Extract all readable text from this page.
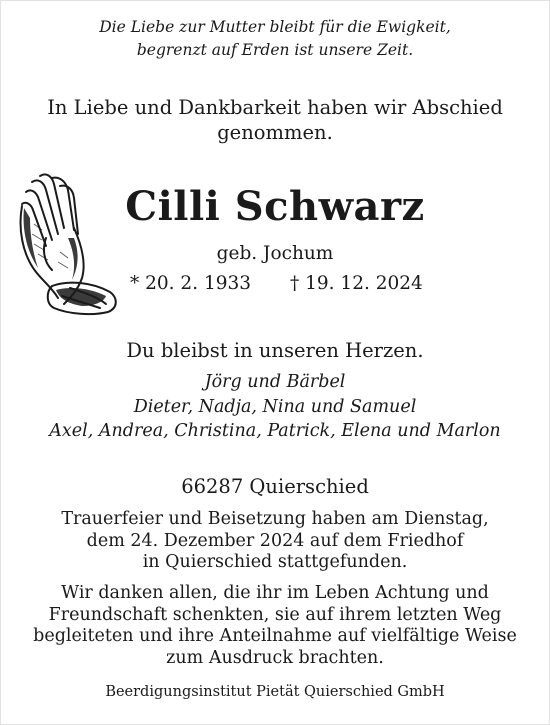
Die Liebe zur Mutter bleibt für die Ewigkeit,
begrenzt auf Erden ist unsere Zeit.
In Liebe und Dankbarkeit haben wir Abschied
genommen.
Cilli Schwarz
geb. Jochum
* 20. 2. 1933 † 19. 12. 2024
Du bleibst in unseren Herzen.
Jörg und Bärbel
Dieter, Nadja, Nina und Samuel
Axel, Andrea, Christina, Patrick, Elena und Marlon
66287 Quierschied
Trauerfeier und Beisetzung haben am Dienstag,
dem 24. Dezember 2024 auf dem Friedhof
in Quierschied stattgefunden.
Wir danken allen, die ihr im Leben Achtung und
Freundschaft schenkten, sie auf ihrem letzten Weg
begleiteten und ihre Anteilnahme auf vielfältige Weise
zum Ausdruck brachten.
Beerdigungsinstitut Pietät Quierschied GmbH
